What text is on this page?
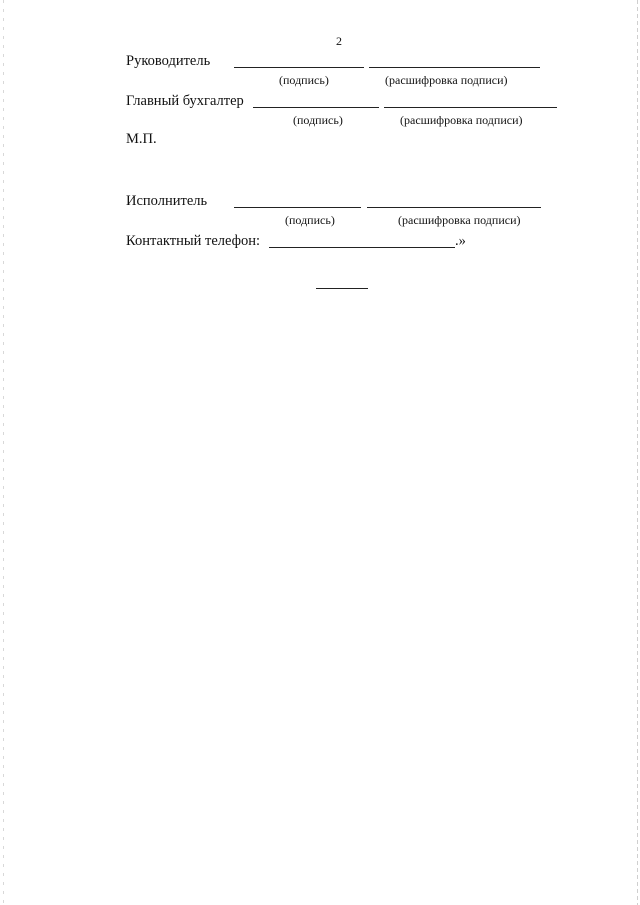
2
Руководитель
(подпись)	(расшифровка подписи)
Главный бухгалтер
(подпись)	(расшифровка подписи)
М.П.
Исполнитель
(подпись)	(расшифровка подписи)
Контактный телефон:	.»
